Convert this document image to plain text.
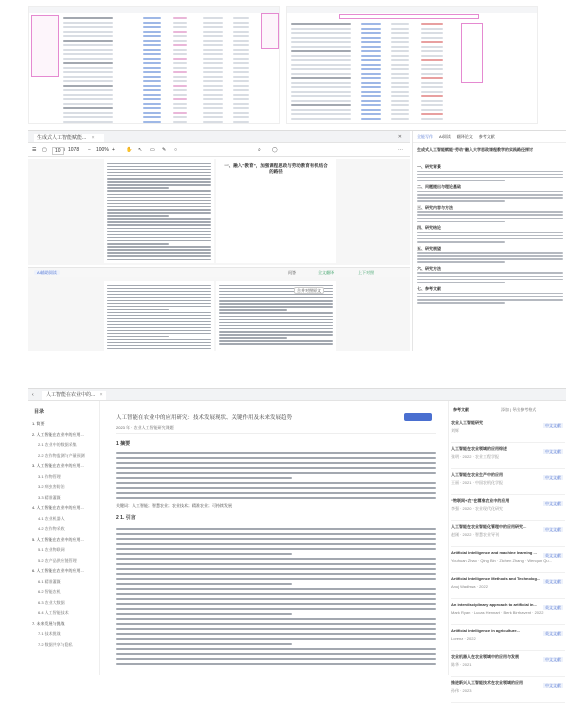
生成式人工智能赋能... ×	✕
☰ ▢	10 / 1078 − 100% + ✋ ↖ ▭ ✎ ○	⌕ ◯	⋯
一、融入“教育”，加强课程思政与劳动教育有机结合的路径
AI辅助阅读	问答	全文翻译	上下对照
合并对照原文
全能写作 AI阅读 翻译论文 参考文献
生成式人工智能赋能“劳动”融入大学思政课程教学的实践路径探讨
一、研究背景
二、问题提出与理论基础
三、研究内容与方法
四、研究结论
五、研究展望
六、研究方法
七、参考文献
‹	人工智能在农业中的... ×
目录
1. 简要
2. 人工智能在农业中的应用...
2.1 农业中的数据采集
2.2 农作物监测与产量预测
3. 人工智能在农业中的应用...
3.1 作物管理
3.2 病虫害防治
3.3 精准灌溉
4. 人工智能在农业中的应用...
4.1 农业机器人
4.2 农作物采收
5. 人工智能在农业中的应用...
5.1 农业物联网
5.2 农产品供应链管理
6. 人工智能在农业中的应用...
6.1 精准灌溉
6.2 智能农机
6.3 农业大数据
6.4 人工智能技术
7. 未来发展与挑战
7.1 技术挑战
7.2 数据共享与隐私
人工智能在农业中的应用研究：技术发展现状、关键作用及未来发展趋势
2023 年 · 农业人工智能研究课题
1 摘要
关键词：人工智能；智慧农业；农业技术；精准农业；可持续发展
2 1. 引言
参考文献	添加 | 导出参考格式
农业人工智能研究
中文文献
刘辉
人工智能在农业领域的应用综述
中文文献
张明 · 2022 · 农业工程学报
人工智能在农业生产中的应用
中文文献
王丽 · 2021 · 中国农机化学报
“物联网+农”在精准农业中的应用
中文文献
李强 · 2020 · 农业现代化研究
人工智能在农业智能化管理中的应用研究...
中文文献
赵刚 · 2022 · 智慧农业导刊
Artificial intelligence and machine learning ...
英文文献
Youhuan Zhao · Qing Bin · Zichen Zhang · Wenqun Qu...
Artificial Intelligence Methods and Technolog...
英文文献
Anuj Wadhwa · 2022
An interdisciplinary approach to artificial in...
英文文献
Mark Ryan · Lucas Hennart · Berk Birrhavent · 2022
Artificial intelligence in agriculture...
英文文献
Lorenz · 2022
农业机器人在农业领域中的应用与发展
中文文献
陈华 · 2021
推进新兴人工智能技术在农业领域的应用
中文文献
孙伟 · 2023
